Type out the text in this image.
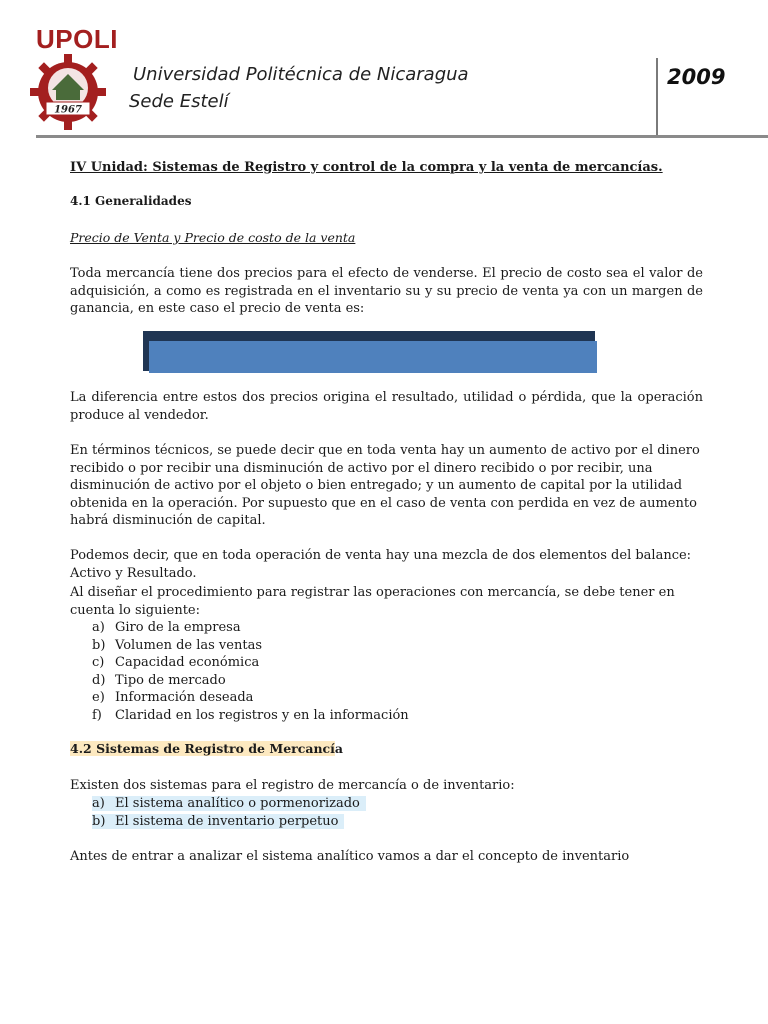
UPOLI
1967
Universidad Politécnica de Nicaragua
Sede Estelí
2009
IV Unidad: Sistemas de Registro y control de la compra y la venta de mercancías.
4.1 Generalidades
Precio de Venta y Precio de costo de la venta
Toda mercancía tiene dos precios para el efecto de venderse. El precio de costo sea el valor de adquisición, a como es registrada en el inventario su y su precio de venta ya con un margen de ganancia, en este caso el precio de venta es:
La diferencia entre estos dos precios origina el resultado, utilidad o pérdida, que la operación produce al vendedor.
En términos técnicos, se puede decir que en toda venta hay un aumento de activo por el dinero recibido o por recibir una disminución de activo por el dinero recibido o por recibir, una disminución de activo por el objeto o bien entregado; y un aumento de capital por la utilidad obtenida en la operación. Por supuesto que en el caso de venta con perdida en vez de aumento habrá disminución de capital.
Podemos decir, que en toda operación de venta hay una mezcla de dos elementos del balance: Activo y Resultado.
Al diseñar el procedimiento para registrar las operaciones con mercancía, se debe tener en cuenta lo siguiente:
a) Giro de la empresa
b) Volumen de las ventas
c) Capacidad económica
d) Tipo de mercado
e) Información deseada
f) Claridad en los registros y en la información
4.2 Sistemas de Registro de Mercancía
Existen dos sistemas para el registro de mercancía o de inventario:
a) El sistema analítico o pormenorizado
b) El sistema de inventario perpetuo
Antes de entrar a analizar el sistema analítico vamos a dar el concepto de inventario
